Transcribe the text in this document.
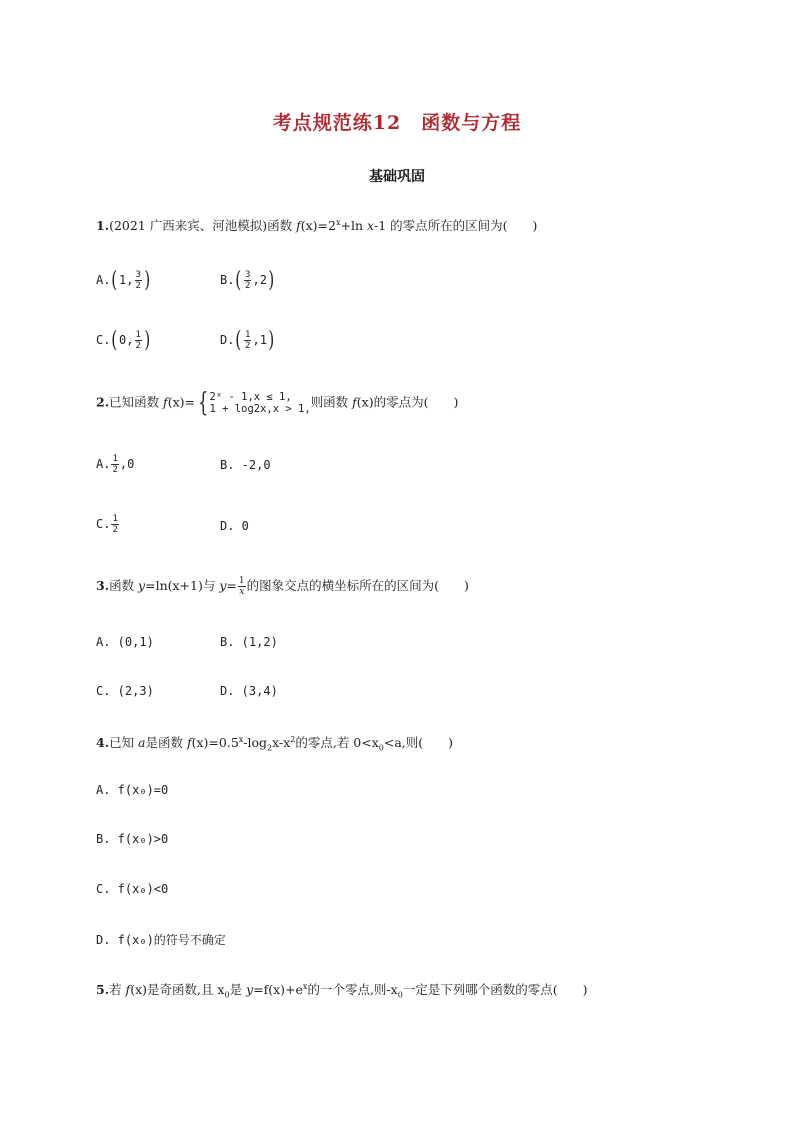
考点规范练12　函数与方程
基础巩固
1.(2021 广西来宾、河池模拟)函数 $f(x)=2^x+\ln$ x-1 的零点所在的区间为(　　)
A.(1, $\frac{3}{2}$ )	$B.( \frac{3}{2} ,2)$
C.(0, $\frac{1}{2}$ )	$D.( \frac{1}{2} ,1)$
2.已知函数 f(x)= { 2ˣ - 1,x ≤ 1,
1 + log2x,x > 1, 则函数 f(x)的零点为(　　)
A. $\frac{1}{2} ,0$	B. -2,0
C. $\frac{1}{2}$	D. 0
3.函数 y=ln(x+1)与 $y= \frac{1}{x}$ 的图象交点的横坐标所在的区间为(　　)
A. (0,1)	B. (1,2)
C. (2,3)	D. (3,4)
4.已知 a是函数 $f(x)=0.5^x-\log_2x-x^2$的零点,若 $0<x_0<a$,则(　　)
A. f(x₀)=0
B. f(x₀)>0
C. f(x₀)<0
D. f(x₀)的符号不确定
5.若 f(x)是奇函数,且 $x_0$是 $y=f(x)+e^x$的一个零点,则$-x_0$一定是下列哪个函数的零点(　　)
